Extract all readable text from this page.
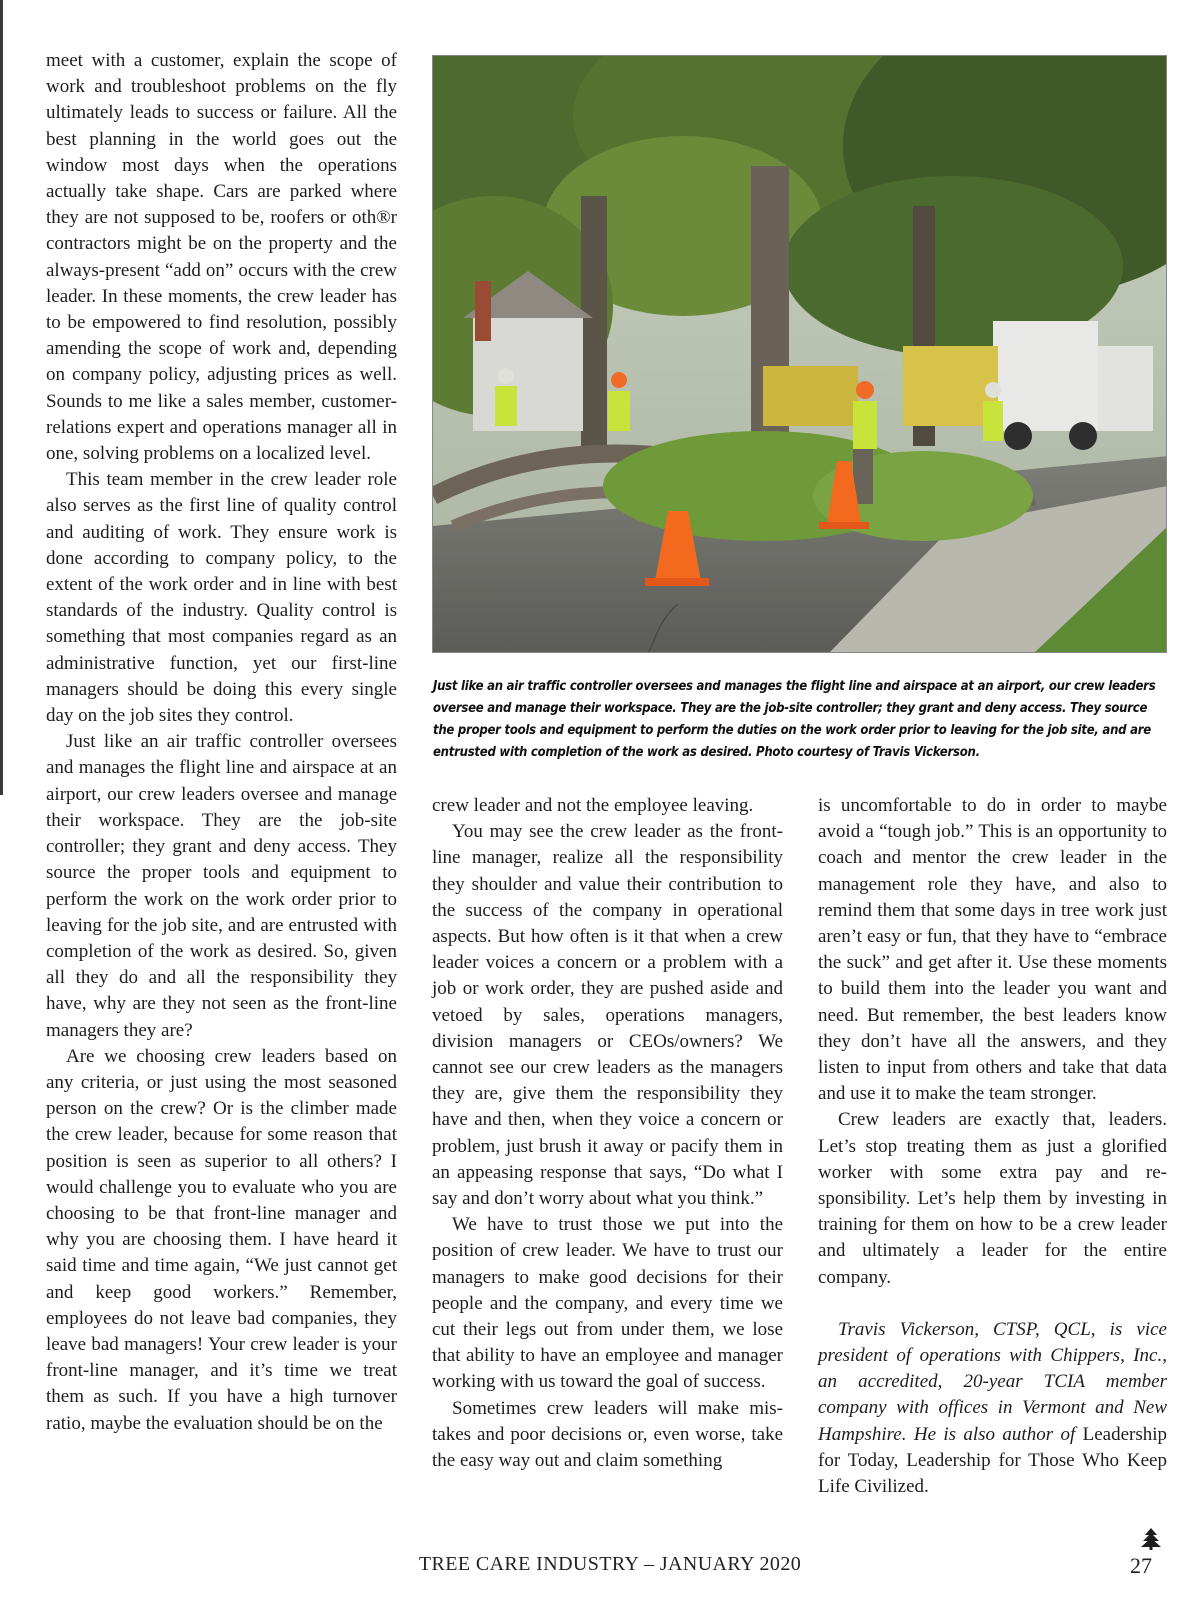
meet with a customer, explain the scope of work and troubleshoot problems on the fly ultimately leads to success or failure. All the best planning in the world goes out the window most days when the operations actually take shape. Cars are parked where they are not supposed to be, roofers or oth®r contractors might be on the property and the always-present “add on” occurs with the crew leader. In these moments, the crew leader has to be empowered to find resolution, possibly amending the scope of work and, depending on company policy, adjusting prices as well. Sounds to me like a sales member, customer-relations expert and operations manager all in one, solving problems on a localized level.

This team member in the crew leader role also serves as the first line of quality control and auditing of work. They ensure work is done according to company policy, to the extent of the work order and in line with best standards of the industry. Quality control is something that most companies regard as an administrative function, yet our first-line managers should be doing this every single day on the job sites they control.

Just like an air traffic controller oversees and manages the flight line and airspace at an airport, our crew leaders oversee and manage their workspace. They are the job-site controller; they grant and deny access. They source the proper tools and equipment to perform the work on the work order prior to leaving for the job site, and are entrusted with completion of the work as desired. So, given all they do and all the responsibility they have, why are they not seen as the front-line managers they are?

Are we choosing crew leaders based on any criteria, or just using the most seasoned person on the crew? Or is the climber made the crew leader, because for some reason that position is seen as superior to all others? I would challenge you to evaluate who you are choosing to be that front-line manager and why you are choosing them. I have heard it said time and time again, “We just cannot get and keep good workers.” Remember, employees do not leave bad companies, they leave bad managers! Your crew leader is your front-line manager, and it’s time we treat them as such. If you have a high turnover ratio, maybe the evaluation should be on the

Just like an air traffic controller oversees and manages the flight line and airspace at an airport, our crew leaders oversee and manage their workspace. They are the job-site controller; they grant and deny access. They source the proper tools and equipment to perform the duties on the work order prior to leaving for the job site, and are entrusted with completion of the work as desired. Photo courtesy of Travis Vickerson.

crew leader and not the employee leaving.

You may see the crew leader as the front-line manager, realize all the responsibility they shoulder and value their contribution to the success of the company in operational aspects. But how often is it that when a crew leader voices a concern or a problem with a job or work order, they are pushed aside and vetoed by sales, operations managers, division managers or CEOs/owners? We cannot see our crew leaders as the managers they are, give them the responsibility they have and then, when they voice a concern or problem, just brush it away or pacify them in an appeasing response that says, “Do what I say and don’t worry about what you think.”

We have to trust those we put into the position of crew leader. We have to trust our managers to make good decisions for their people and the company, and every time we cut their legs out from under them, we lose that ability to have an employee and manager working with us toward the goal of success.

Sometimes crew leaders will make mistakes and poor decisions or, even worse, take the easy way out and claim something

is uncomfortable to do in order to maybe avoid a “tough job.” This is an opportunity to coach and mentor the crew leader in the management role they have, and also to remind them that some days in tree work just aren’t easy or fun, that they have to “embrace the suck” and get after it. Use these moments to build them into the leader you want and need. But remember, the best leaders know they don’t have all the answers, and they listen to input from others and take that data and use it to make the team stronger.

Crew leaders are exactly that, leaders. Let’s stop treating them as just a glorified worker with some extra pay and responsibility. Let’s help them by investing in training for them on how to be a crew leader and ultimately a leader for the entire company.

Travis Vickerson, CTSP, QCL, is vice president of operations with Chippers, Inc., an accredited, 20-year TCIA member company with offices in Vermont and New Hampshire. He is also author of Leadership for Today, Leadership for Those Who Keep Life Civilized.

TREE CARE INDUSTRY – JANUARY 2020	27
